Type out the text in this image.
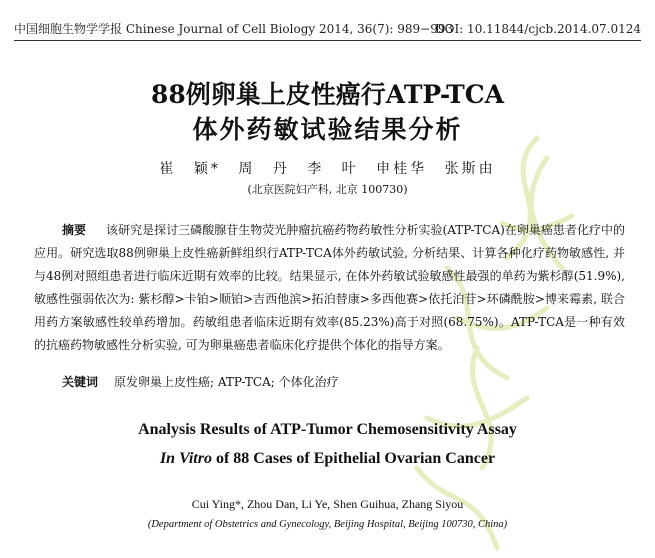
中国细胞生物学学报 Chinese Journal of Cell Biology 2014, 36(7): 989−993
DOI: 10.11844/cjcb.2014.07.0124
88例卵巢上皮性癌行ATP-TCA
体外药敏试验结果分析
崔 颖* 周 丹 李 叶 申桂华 张斯由
(北京医院妇产科, 北京 100730)
摘要 该研究是探讨三磷酸腺苷生物荧光肿瘤抗癌药物药敏性分析实验(ATP-TCA)在卵巢癌患者化疗中的应用。研究选取88例卵巢上皮性癌新鲜组织行ATP-TCA体外药敏试验, 分析结果、计算各种化疗药物敏感性, 并与48例对照组患者进行临床近期有效率的比较。结果显示, 在体外药敏试验敏感性最强的单药为紫杉醇(51.9%), 敏感性强弱依次为: 紫杉醇>卡铂>顺铂>吉西他滨>拓泊替康>多西他赛>依托泊苷>环磷酰胺>博来霉素, 联合用药方案敏感性较单药增加。药敏组患者临床近期有效率(85.23%)高于对照(68.75%)。ATP-TCA是一种有效的抗癌药物敏感性分析实验, 可为卵巢癌患者临床化疗提供个体化的指导方案。
关键词 原发卵巢上皮性癌; ATP-TCA; 个体化治疗
Analysis Results of ATP-Tumor Chemosensitivity Assay
In Vitro of 88 Cases of Epithelial Ovarian Cancer
Cui Ying*, Zhou Dan, Li Ye, Shen Guihua, Zhang Siyou
(Department of Obstetrics and Gynecology, Beijing Hospital, Beijing 100730, China)
